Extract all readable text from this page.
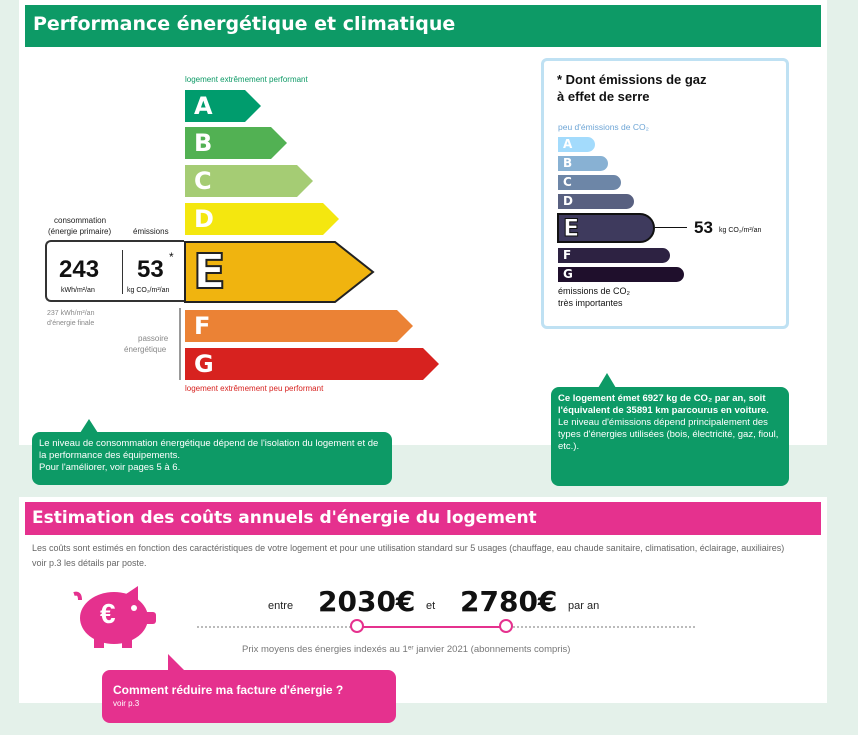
Performance énergétique et climatique
logement extrêmement performant
A
B
C
D
F
G
E
consommation
(énergie primaire)	émissions
243
kWh/m²/an
53 *
kg CO₂/m²/an
237 kWh/m²/an
d'énergie finale
passoire
énergétique
logement extrêmement peu performant
Le niveau de consommation énergétique dépend de l'isolation du logement et de la performance des équipements.
Pour l'améliorer, voir pages 5 à 6.
* Dont émissions de gaz
à effet de serre
peu d'émissions de CO₂
A
B
C
D
F
G
E	53 kg CO₂/m²/an
émissions de CO₂
très importantes
Ce logement émet 6927 kg de CO₂ par an, soit l'équivalent de 35891 km parcourus en voiture.
Le niveau d'émissions dépend principalement des types d'énergies utilisées (bois, électricité, gaz, fioul, etc.).
Estimation des coûts annuels d'énergie du logement
Les coûts sont estimés en fonction des caractéristiques de votre logement et pour une utilisation standard sur 5 usages (chauffage, eau chaude sanitaire, climatisation, éclairage, auxiliaires) voir p.3 les détails par poste.
€	entre 2030€ et 2780€ par an
Prix moyens des énergies indexés au 1ᵉʳ janvier 2021 (abonnements compris)
Comment réduire ma facture d'énergie ?
voir p.3
